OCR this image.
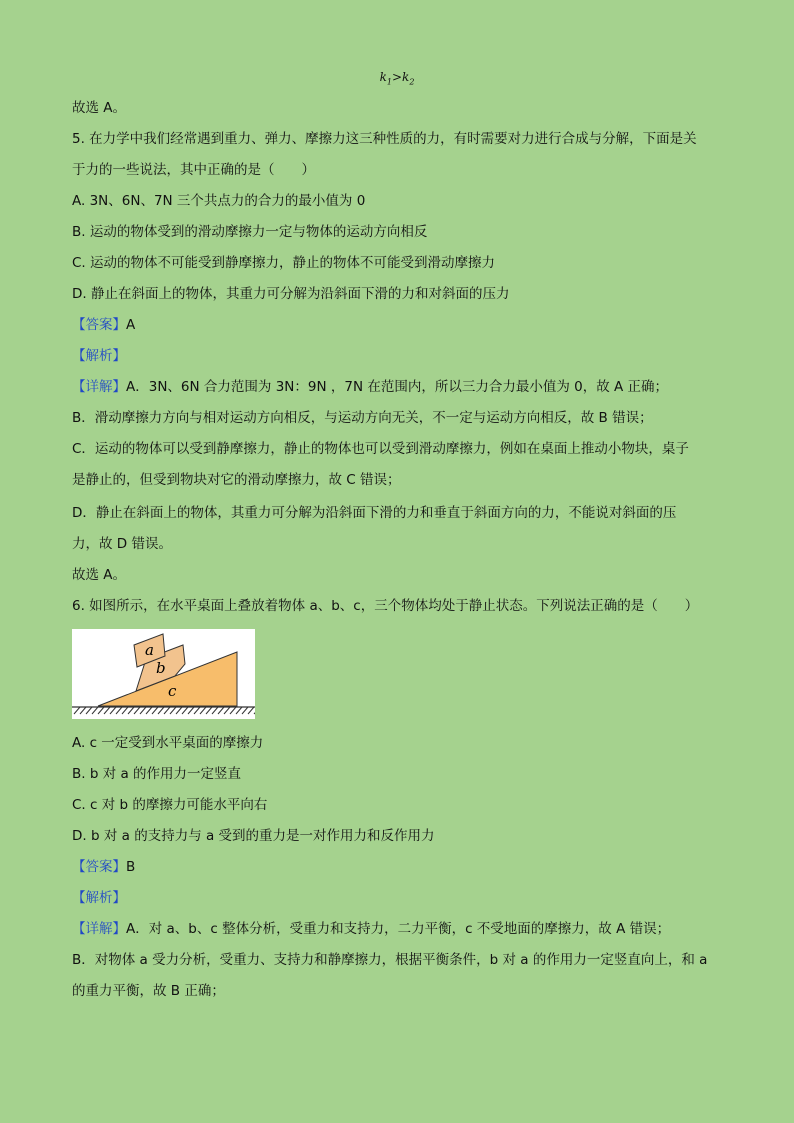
$k_1>k_2$
故选 A。
5. 在力学中我们经常遇到重力、弹力、摩擦力这三种性质的力，有时需要对力进行合成与分解，下面是关
于力的一些说法，其中正确的是（　　）
A. 3N、6N、7N 三个共点力的合力的最小值为 0
B. 运动的物体受到的滑动摩擦力一定与物体的运动方向相反
C. 运动的物体不可能受到静摩擦力，静止的物体不可能受到滑动摩擦力
D. 静止在斜面上的物体，其重力可分解为沿斜面下滑的力和对斜面的压力
【 答案 】 A
【 解析 】
【 详解 】 A．3N、6N 合力范围为 3N：9N ，7N 在范围内，所以三力合力最小值为 0，故 A 正确；
B．滑动摩擦力方向与相对运动方向相反，与运动方向无关，不一定与运动方向相反，故 B 错误；
C．运动的物体可以受到静摩擦力，静止的物体也可以受到滑动摩擦力，例如在桌面上推动小物块，桌子
是静止的，但受到物块对它的滑动摩擦力，故 C 错误；
D．静止在斜面上的物体，其重力可分解为沿斜面下滑的力和垂直于斜面方向的力，不能说对斜面的压
力，故 D 错误。
故选 A。
6. 如图所示，在水平桌面上叠放着物体 a、b、c，三个物体均处于静止状态。下列说法正确的是（　　）
a
b
c
A. c 一定受到水平桌面的摩擦力
B. b 对 a 的作用力一定竖直
C. c 对 b 的摩擦力可能水平向右
D. b 对 a 的支持力与 a 受到的重力是一对作用力和反作用力
【 答案 】 B
【 解析 】
【 详解 】 A．对 a、b、c 整体分析，受重力和支持力，二力平衡，c 不受地面的摩擦力，故 A 错误；
B．对物体 a 受力分析，受重力、支持力和静摩擦力，根据平衡条件，b 对 a 的作用力一定竖直向上，和 a
的重力平衡，故 B 正确；
